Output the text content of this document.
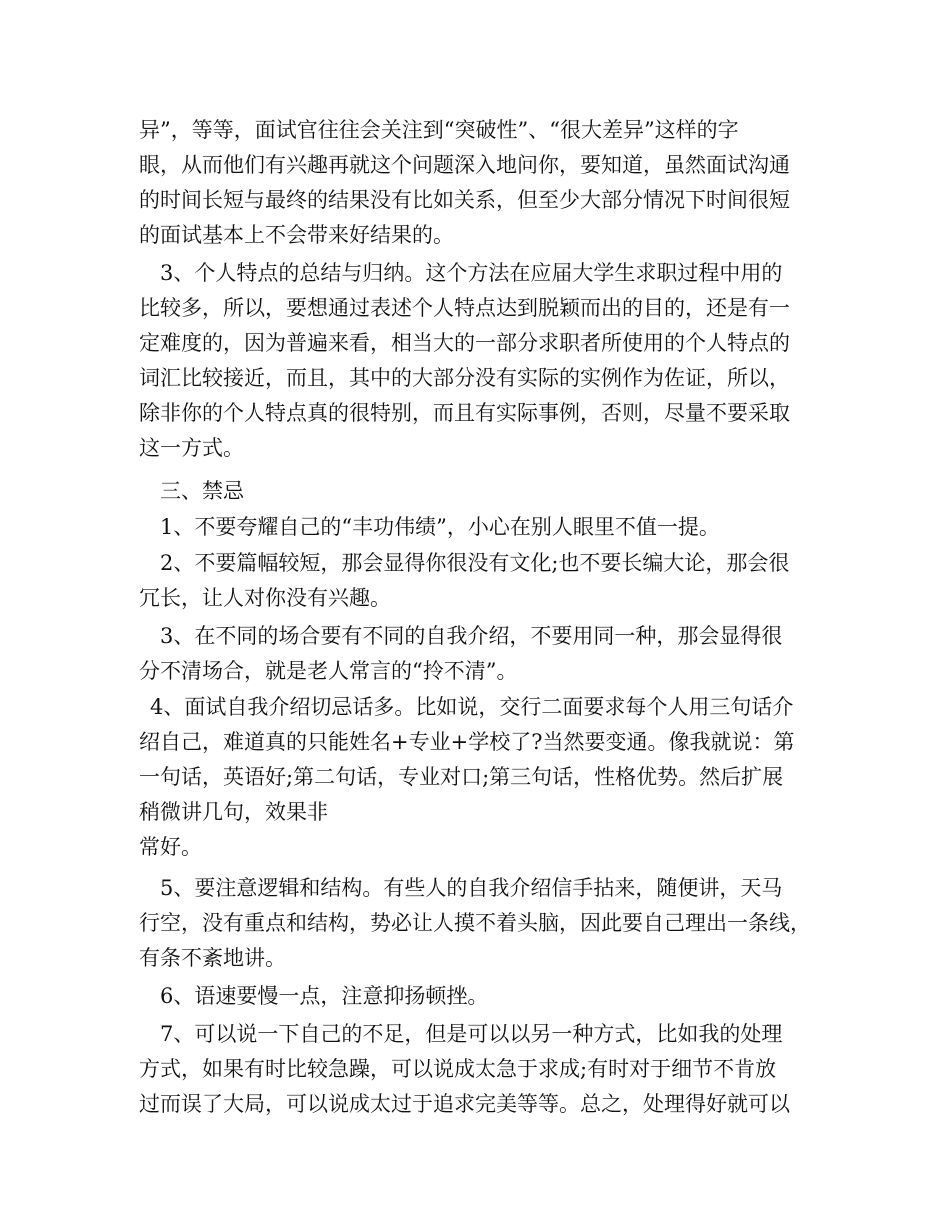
异”，等等，面试官往往会关注到“突破性”、“很大差异”这样的字
眼，从而他们有兴趣再就这个问题深入地问你，要知道，虽然面试沟通
的时间长短与最终的结果没有比如关系，但至少大部分情况下时间很短
的面试基本上不会带来好结果的。
3、个人特点的总结与归纳。这个方法在应届大学生求职过程中用的
比较多，所以，要想通过表述个人特点达到脱颖而出的目的，还是有一
定难度的，因为普遍来看，相当大的一部分求职者所使用的个人特点的
词汇比较接近，而且，其中的大部分没有实际的实例作为佐证，所以，
除非你的个人特点真的很特别，而且有实际事例，否则，尽量不要采取
这一方式。
三、禁忌
1、不要夸耀自己的“丰功伟绩”，小心在别人眼里不值一提。
2、不要篇幅较短，那会显得你很没有文化;也不要长编大论，那会很
冗长，让人对你没有兴趣。
3、在不同的场合要有不同的自我介绍，不要用同一种，那会显得很
分不清场合，就是老人常言的“拎不清”。
4、面试自我介绍切忌话多。比如说，交行二面要求每个人用三句话介
绍自己，难道真的只能姓名+专业+学校了?当然要变通。像我就说：第
一句话，英语好;第二句话，专业对口;第三句话，性格优势。然后扩展
稍微讲几句，效果非
常好。
5、要注意逻辑和结构。有些人的自我介绍信手拈来，随便讲，天马
行空，没有重点和结构，势必让人摸不着头脑，因此要自己理出一条线，
有条不紊地讲。
6、语速要慢一点，注意抑扬顿挫。
7、可以说一下自己的不足，但是可以以另一种方式，比如我的处理
方式，如果有时比较急躁，可以说成太急于求成;有时对于细节不肯放
过而误了大局，可以说成太过于追求完美等等。总之，处理得好就可以
